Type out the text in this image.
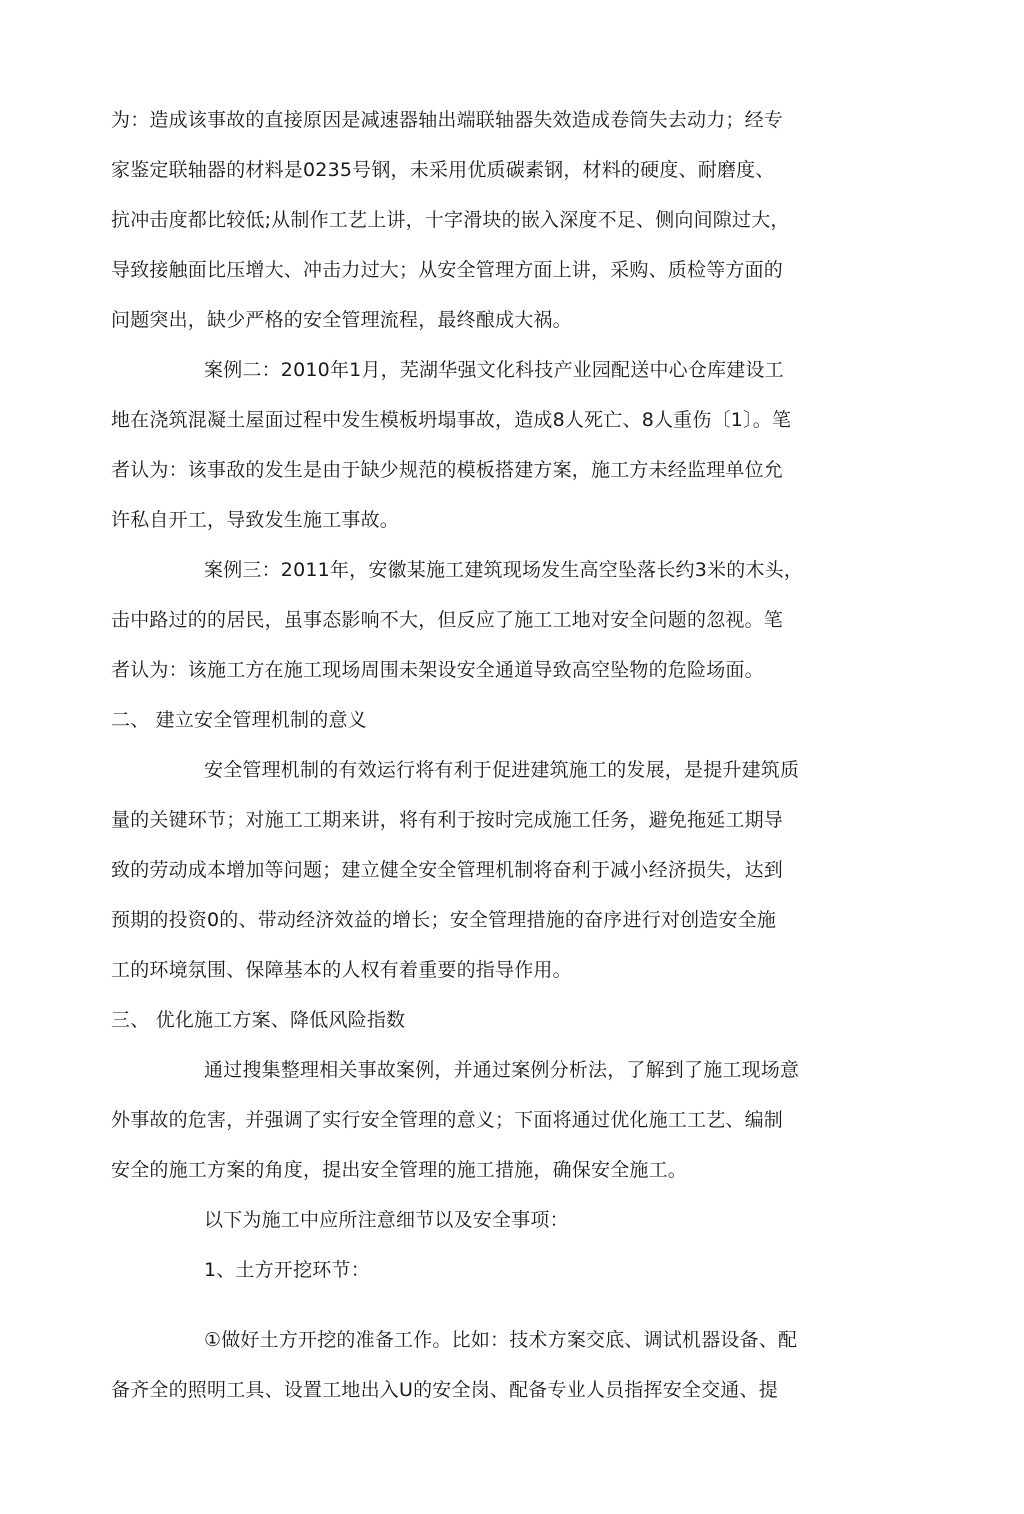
为：造成该事故的直接原因是减速器轴出端联轴器失效造成卷筒失去动力；经专

家鉴定联轴器的材料是0235号钢，未采用优质碳素钢，材料的硬度、耐磨度、

抗冲击度都比较低;从制作工艺上讲，十字滑块的嵌入深度不足、侧向间隙过大，

导致接触面比压增大、冲击力过大；从安全管理方面上讲，采购、质检等方面的

问题突出，缺少严格的安全管理流程，最终酿成大祸。

案例二：2010年1月，芜湖华强文化科技产业园配送中心仓库建设工

地在浇筑混凝土屋面过程中发生模板坍塌事故，造成8人死亡、8人重伤〔1〕。笔

者认为：该事敌的发生是由于缺少规范的模板搭建方案，施工方未经监理单位允

许私自开工，导致发生施工事故。

案例三：2011年，安徽某施工建筑现场发生高空坠落长约3米的木头，

击中路过的的居民，虽事态影响不大，但反应了施工工地对安全问题的忽视。笔

者认为：该施工方在施工现场周围未架设安全通道导致高空坠物的危险场面。

二、 建立安全管理机制的意义

安全管理机制的有效运行将有利于促进建筑施工的发展，是提升建筑质

量的关键环节；对施工工期来讲，将有利于按时完成施工任务，避免拖延工期导

致的劳动成本增加等问题；建立健全安全管理机制将奋利于减小经济损失，达到

预期的投资0的、带动经济效益的增长；安全管理措施的奋序进行对创造安全施

工的环境氛围、保障基本的人权有着重要的指导作用。

三、 优化施工方案、降低风险指数

通过搜集整理相关事故案例，并通过案例分析法，了解到了施工现场意

外事故的危害，并强调了实行安全管理的意义；下面将通过优化施工工艺、编制

安全的施工方案的角度，提出安全管理的施工措施，确保安全施工。

以下为施工中应所注意细节以及安全事项：

1、土方开挖环节：

①做好土方开挖的准备工作。比如：技术方案交底、调试机器设备、配

备齐全的照明工具、设置工地出入U的安全岗、配备专业人员指挥安全交通、提
